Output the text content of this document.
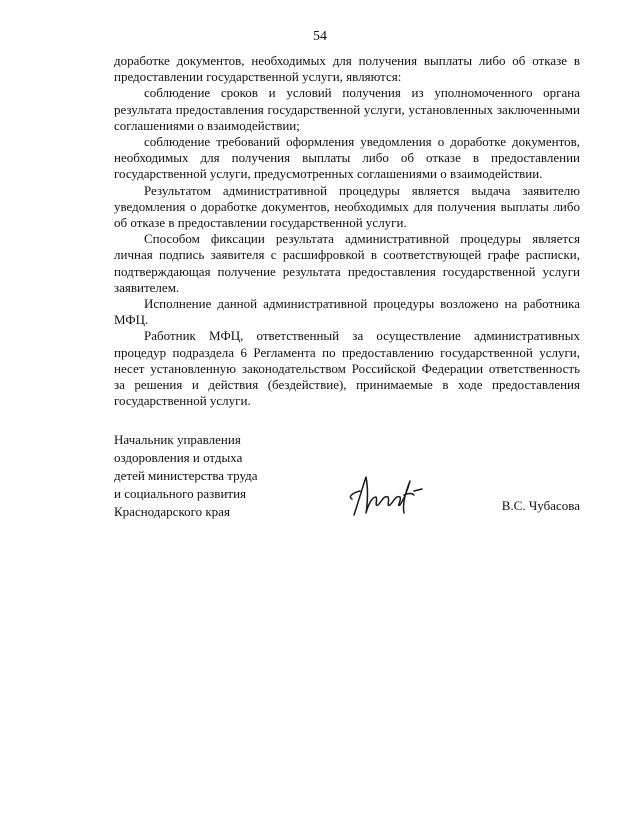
54

доработке документов, необходимых для получения выплаты либо об отказе в предоставлении государственной услуги, являются:

соблюдение сроков и условий получения из уполномоченного органа результата предоставления государственной услуги, установленных заключенными соглашениями о взаимодействии;

соблюдение требований оформления уведомления о доработке документов, необходимых для получения выплаты либо об отказе в предоставлении государственной услуги, предусмотренных соглашениями о взаимодействии.

Результатом административной процедуры является выдача заявителю уведомления о доработке документов, необходимых для получения выплаты либо об отказе в предоставлении государственной услуги.

Способом фиксации результата административной процедуры является личная подпись заявителя с расшифровкой в соответствующей графе расписки, подтверждающая получение результата предоставления государственной услуги заявителем.

Исполнение данной административной процедуры возложено на работника МФЦ.

Работник МФЦ, ответственный за осуществление административных процедур подраздела 6 Регламента по предоставлению государственной услуги, несет установленную законодательством Российской Федерации ответственность за решения и действия (бездействие), принимаемые в ходе предоставления государственной услуги.

Начальник управления
оздоровления и отдыха
детей министерства труда
и социального развития
Краснодарского края	В.С. Чубасова
